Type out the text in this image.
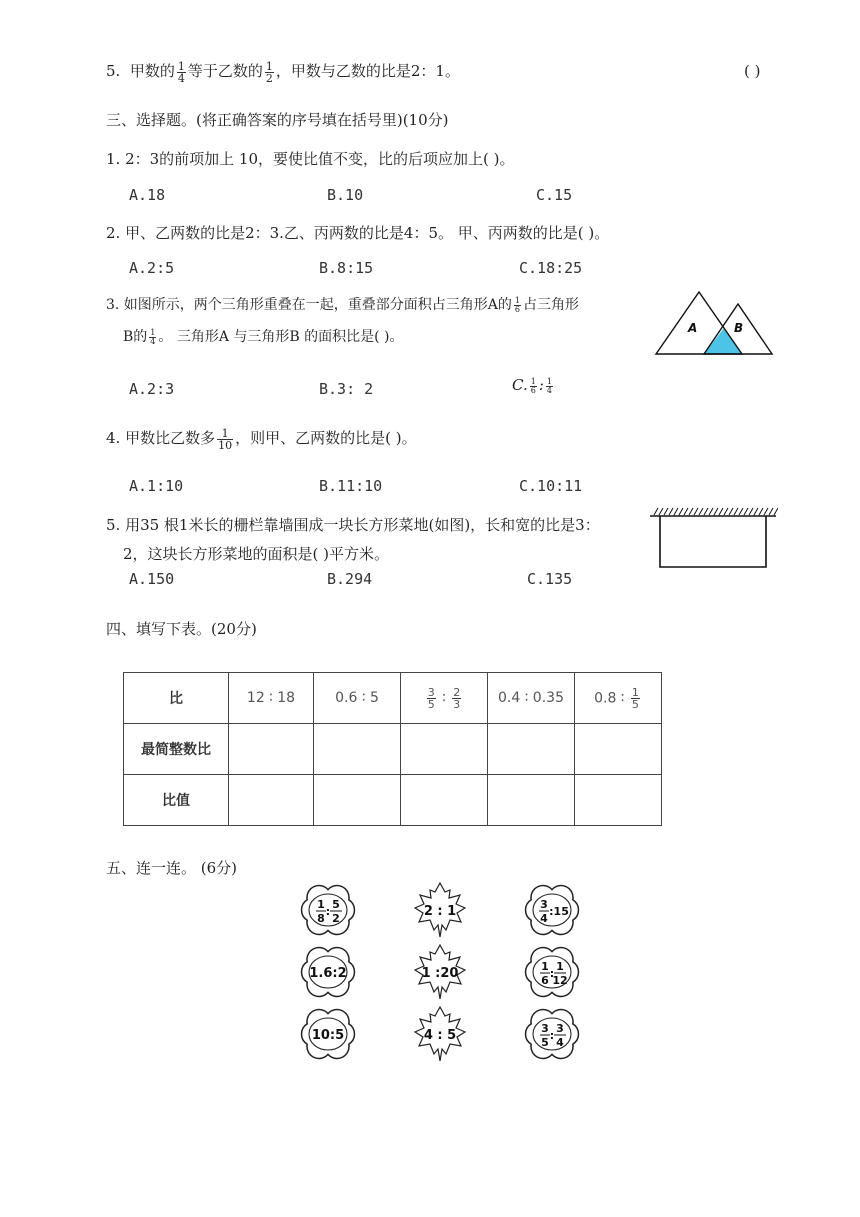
5. 甲数的 $\frac{1}{4}$ 等于乙数的 $\frac{1}{2}$ ，甲数与乙数的比是2：1。	( )
三、选择题。(将正确答案的序号填在括号里)(10分)
1. 2：3的前项加上 10，要使比值不变，比的后项应加上( )。
A.18	B.10	C.15
2. 甲、乙两数的比是2：3.乙、丙两数的比是4：5。 甲、丙两数的比是( )。
A.2:5	B.8:15	C.18:25
3. 如图所示，两个三角形重叠在一起，重叠部分面积占三角形A的 $\frac{1}{6}$ 占三角形
B的 $\frac{1}{4}$ 。 三角形A 与三角形B 的面积比是( )。
A	B
A.2:3	B.3: 2	C. $\frac{1}{6}$ : $\frac{1}{4}$
4. 甲数比乙数多 $\frac{1}{10}$ ，则甲、乙两数的比是( )。
A.1:10	B.11:10	C.10:11
5. 用35 根1米长的栅栏靠墙围成一块长方形菜地(如图)，长和宽的比是3：
2，这块长方形菜地的面积是( )平方米。
A.150	B.294	C.135
四、填写下表。(20分)
比	12 ∶ 18	0.6 ∶ 5	$\frac{3}{5}$ ∶ $\frac{2}{3}$	0.4 ∶ 0.35	0.8 ∶ $\frac{1}{5}$

最简整数比					
比值					
五、连一连。 (6分)
1
8
:
5
2
1.6:2
10:5
2 : 1
1 :20
4 : 5
3
4
:15
1
6
:
1
12
3
5
:
3
4
